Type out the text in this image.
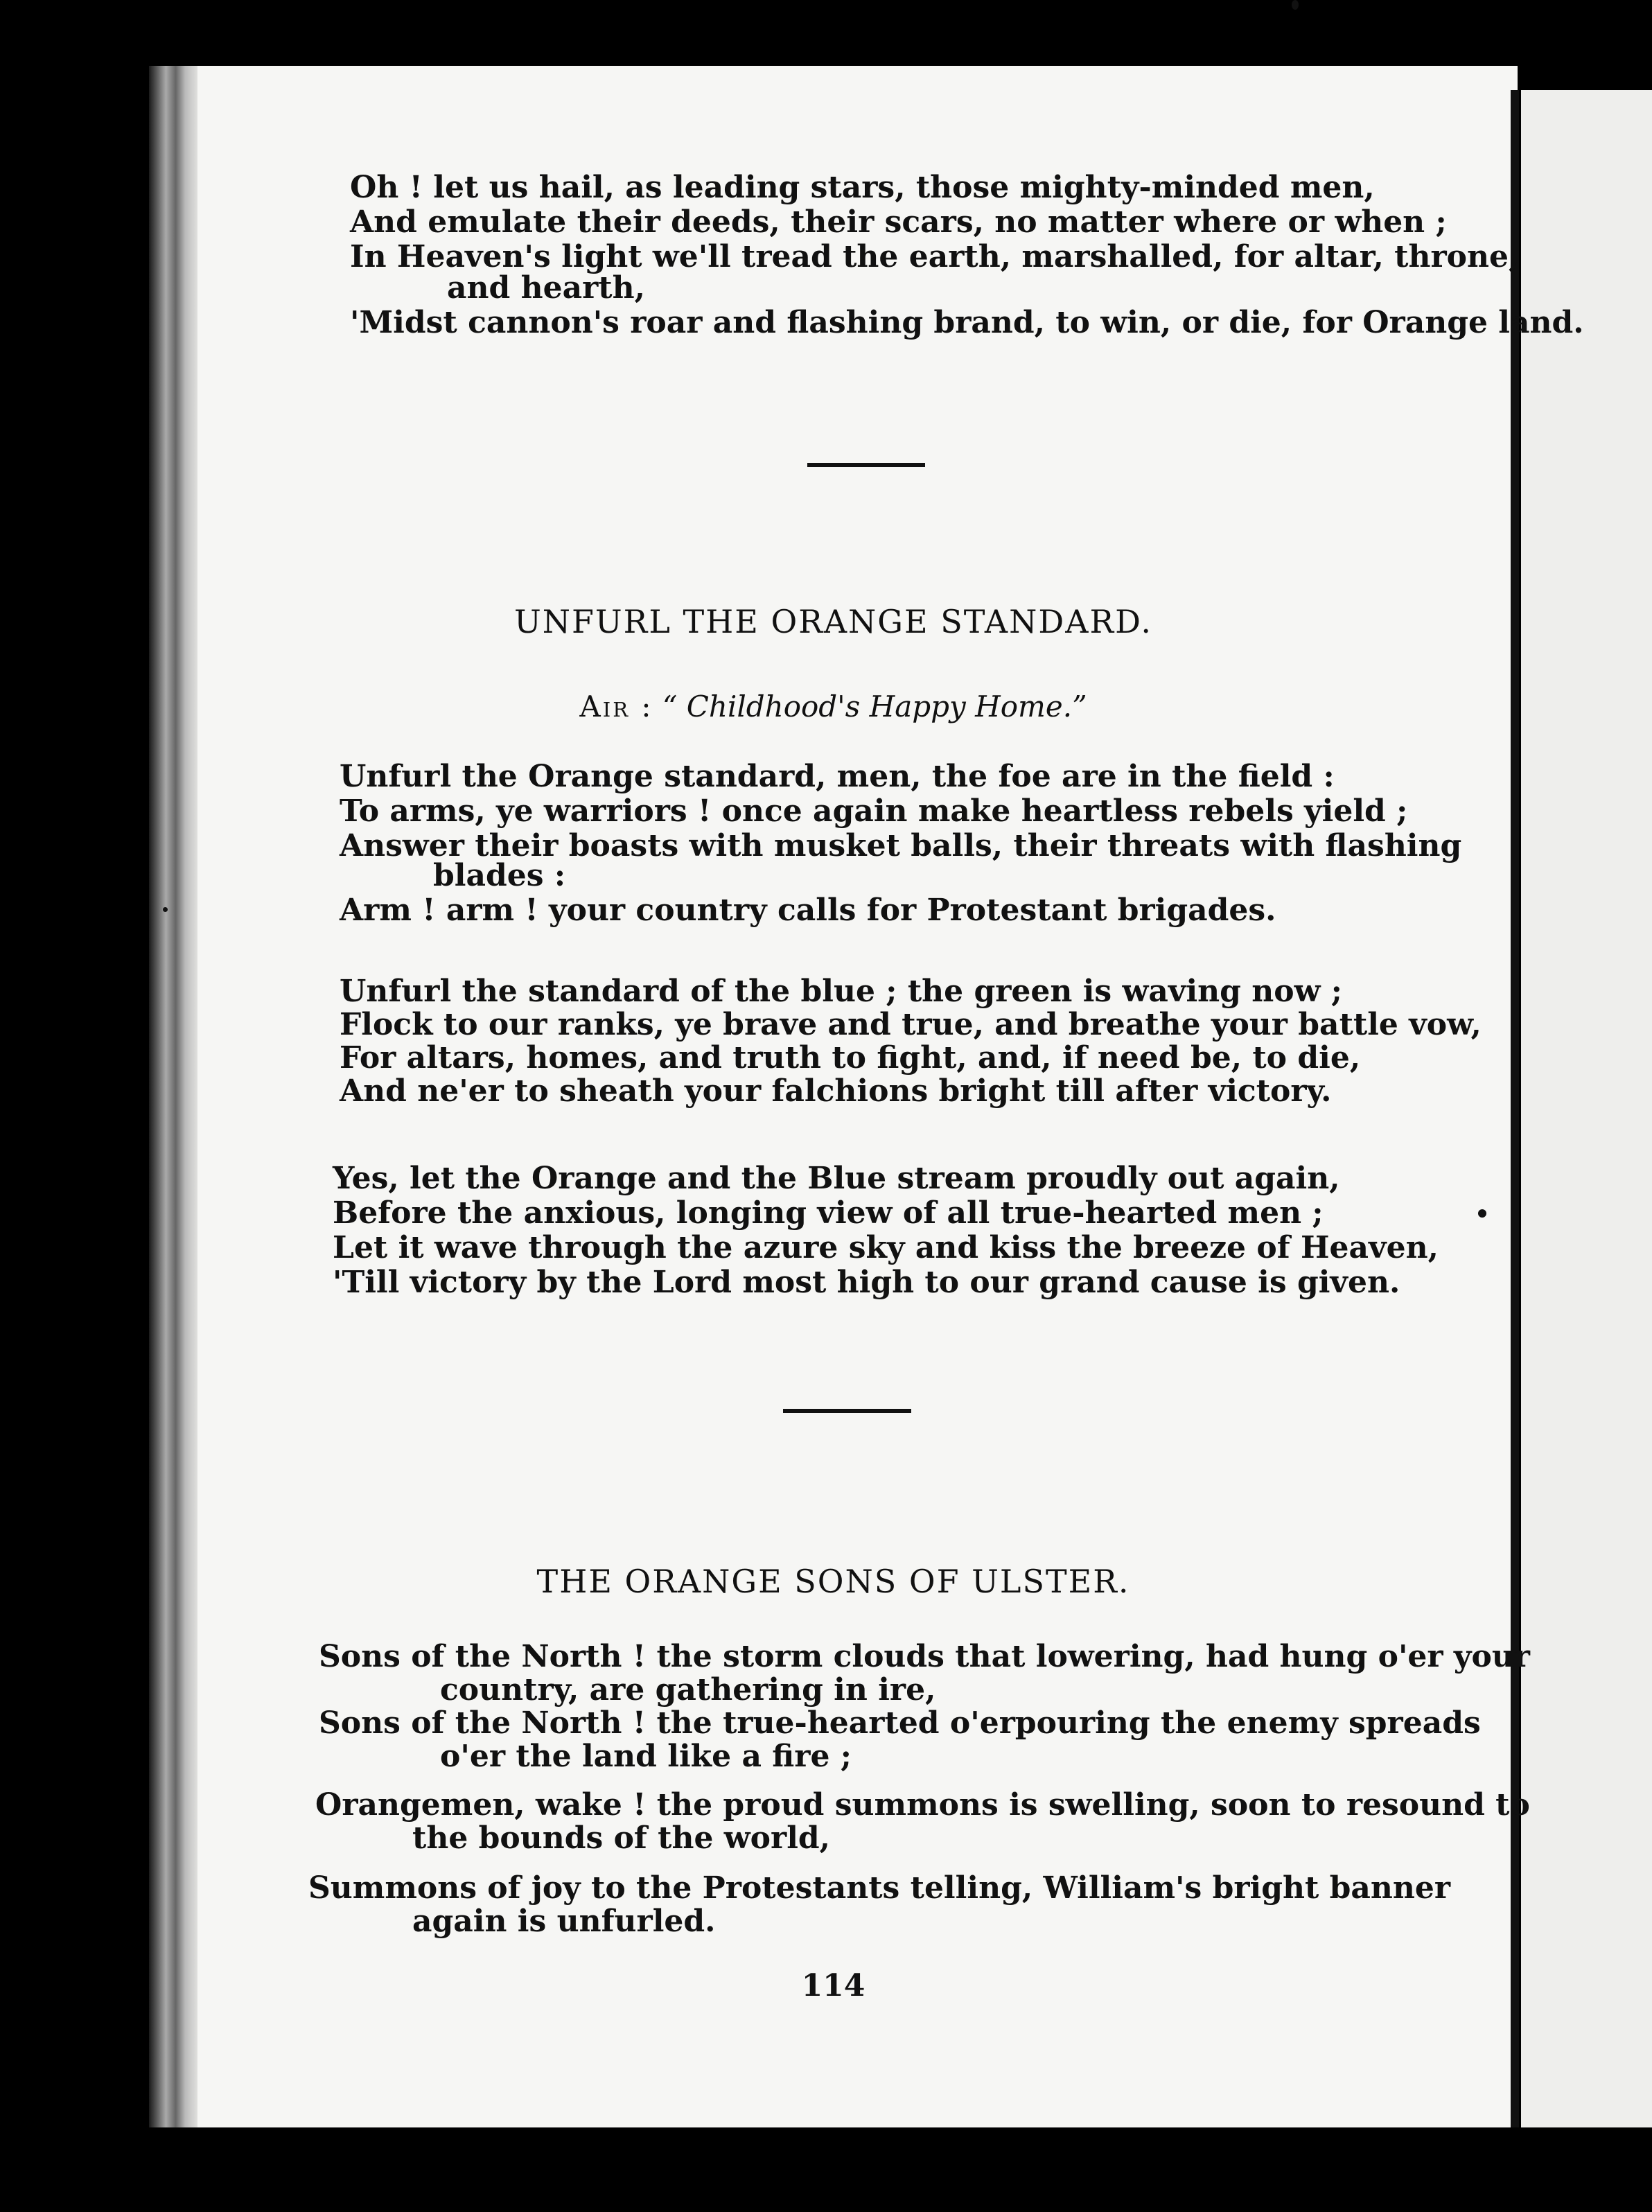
Oh ! let us hail, as leading stars, those mighty-minded men,

And emulate their deeds, their scars, no matter where or when ;

In Heaven's light we'll tread the earth, marshalled, for altar, throne,

and hearth,

'Midst cannon's roar and flashing brand, to win, or die, for Orange land.

UNFURL THE ORANGE STANDARD.

Air : “ Childhood's Happy Home.”

Unfurl the Orange standard, men, the foe are in the field :

To arms, ye warriors ! once again make heartless rebels yield ;

Answer their boasts with musket balls, their threats with flashing

blades :

Arm ! arm ! your country calls for Protestant brigades.

Unfurl the standard of the blue ; the green is waving now ;

Flock to our ranks, ye brave and true, and breathe your battle vow,

For altars, homes, and truth to fight, and, if need be, to die,

And ne'er to sheath your falchions bright till after victory.

Yes, let the Orange and the Blue stream proudly out again,

Before the anxious, longing view of all true-hearted men ;

Let it wave through the azure sky and kiss the breeze of Heaven,

'Till victory by the Lord most high to our grand cause is given.

THE ORANGE SONS OF ULSTER.

Sons of the North ! the storm clouds that lowering, had hung o'er your

country, are gathering in ire,

Sons of the North ! the true-hearted o'erpouring the enemy spreads

o'er the land like a fire ;

Orangemen, wake ! the proud summons is swelling, soon to resound to

the bounds of the world,

Summons of joy to the Protestants telling, William's bright banner

again is unfurled.

114
